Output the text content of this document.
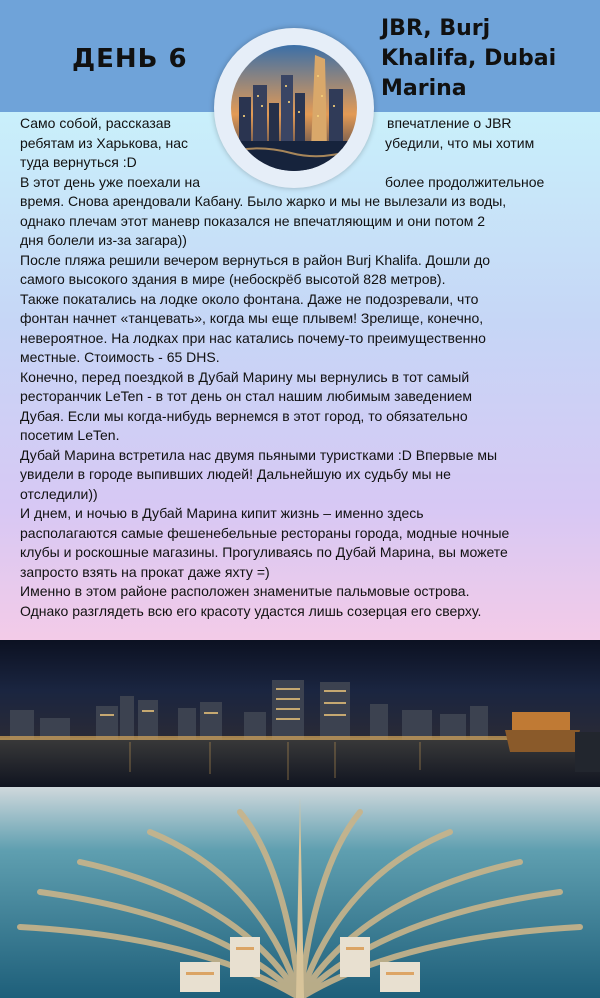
ДЕНЬ 6
JBR, Burj
Khalifa, Dubai
Marina

Само собой, рассказав	впечатление о JBR
ребятам из Харькова, нас	убедили, что мы хотим
туда вернуться :D

В этот день уже поехали на	более продолжительное
время. Снова арендовали Кабану. Было жарко и мы не вылезали из воды,
однако плечам этот маневр показался не впечатляющим и они потом 2
дня болели из-за загара))

После пляжа решили вечером вернуться в район Burj Khalifa. Дошли до
самого высокого здания в мире (небоскрёб высотой 828 метров).

Также покатались на лодке около фонтана. Даже не подозревали, что
фонтан начнет «танцевать», когда мы еще плывем! Зрелище, конечно,
невероятное. На лодках при нас катались почему-то преимущественно
местные. Стоимость - 65 DHS.

Конечно, перед поездкой в Дубай Марину мы вернулись в тот самый
ресторанчик LeTen - в тот день он стал нашим любимым заведением
Дубая. Если мы когда-нибудь вернемся в этот город, то обязательно
посетим LeTen.

Дубай Марина встретила нас двумя пьяными туристками :D Впервые мы
увидели в городе выпивших людей! Дальнейшую их судьбу мы не
отследили))

И днем, и ночью в Дубай Марина кипит жизнь – именно здесь
располагаются самые фешенебельные рестораны города, модные ночные
клубы и роскошные магазины. Прогуливаясь по Дубай Марина, вы можете
запросто взять на прокат даже яхту =)

Именно в этом районе расположен знаменитые пальмовые острова.
Однако разглядеть всю его красоту удастся лишь созерцая его сверху.
